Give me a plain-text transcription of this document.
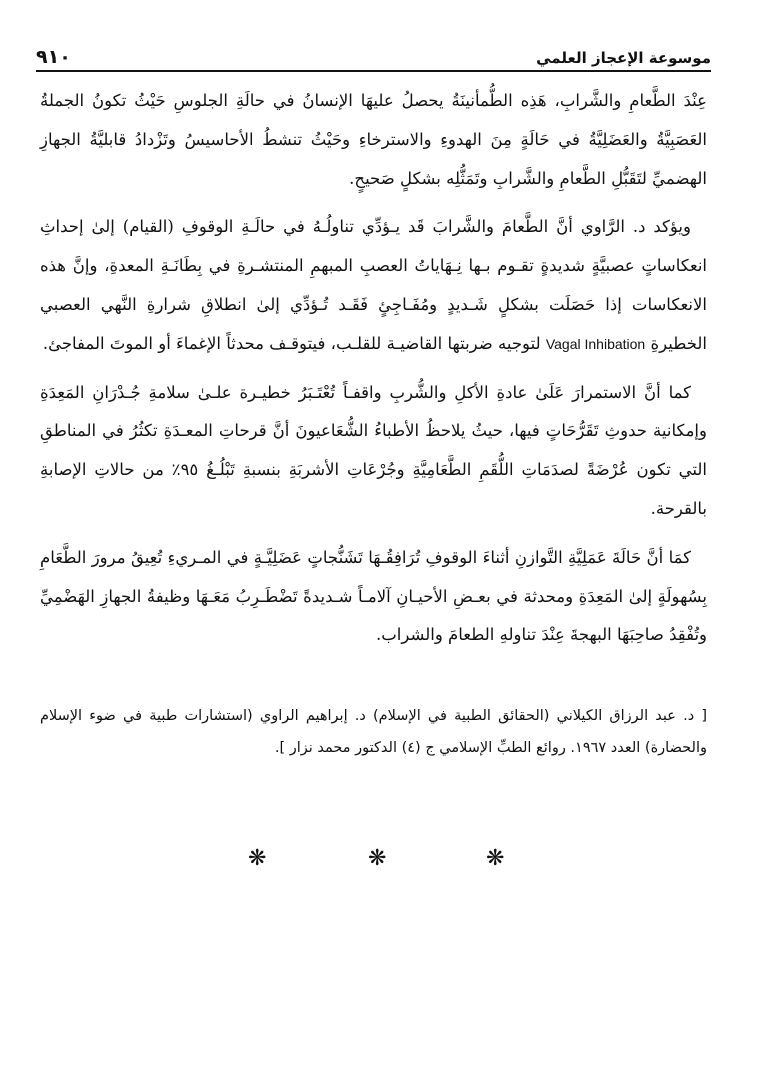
موسوعة الإعجاز العلمي
٩١٠

عِنْدَ الطَّعامِ والشَّرابِ، هَذِه الطُّمأنينَةُ يحصلُ عليهَا الإنسانُ في حالَةِ الجلوسِ حَيْثُ تكونُ الجملةُ العَصَبِيَّةُ والعَضَلِيَّةُ في حَالَةٍ مِنَ الهدوءِ والاسترخاءِ وحَيْثُ تنشطُ الأحاسيسُ وتَزْدادُ قابليَّةُ الجهازِ الهضميِّ لتَقَبُّلِ الطَّعامِ والشَّرابِ وتَمَثُّلِه بشكلٍ صَحيحٍ.

ويؤكد د. الرَّاوي أنَّ الطَّعامَ والشَّرابَ قَد يـؤدِّي تناولُـهُ في حالَـةِ الوقوفِ (القيام) إلىٰ إحداثِ انعكاساتٍ عصبيَّةٍ شديدةٍ تقـوم بـها نِـهَاياتُ العصبِ المبهمِ المنتشـرةِ في بِطَانَـةِ المعدةِ، وإنَّ هذه الانعكاسات إذا حَصَلَت بشكلٍ شَـديدٍ ومُفَـاجِئٍ فَقَـد تُـؤدِّي إلىٰ انطلاقِ شرارةِ النَّهي العصبي الخطيرةِ Vagal Inhibation لتوجيه ضربتها القاضيـة للقلـب، فيتوقـف محدثاً الإغماءَ أو الموتَ المفاجئ.

كما أنَّ الاستمرارَ عَلَىٰ عادةِ الأكلِ والشُّربِ واقفـاً تُعْتَـبَرُ خطيـرة علـىٰ سلامةِ جُـدْرَانِ المَعِدَةِ وإمكانية حدوثِ تَقَرُّحَاتٍ فيها، حيثُ يلاحظُ الأطباءُ الشُّعَاعيونَ أنَّ قرحاتِ المعـدَةِ تكثُرُ في المناطقِ التي تكون عُرْضَةً لصدَمَاتِ اللُّقَمِ الطَّعَامِيَّةِ وجُرْعَاتِ الأشربَةِ بنسبةِ تَبْلُـغُ ٩٥٪ من حالاتِ الإصابةِ بالقرحة.

كمَا أنَّ حَالَةَ عَمَلِيَّةِ التَّوازنِ أثناءَ الوقوفِ تُرَافِقُـهَا تَشَنُّجاتٍ عَضَلِيَّـةٍ في المـريءِ تُعِيقُ مرورَ الطَّعَامِ بِسُهولَةٍ إلىٰ المَعِدَةِ ومحدثة في بعـضِ الأحيـانِ آلامـاً شـديدةً تَضْطَـرِبُ مَعَـهَا وظيفةُ الجهازِ الهَضْمِيِّ وتُفْقِدُ صاحِبَهَا البهجةَ عِنْدَ تناولهِ الطعامَ والشراب.

[ د. عبد الرزاق الكيلاني (الحقائق الطبية في الإسلام) د. إبراهيم الراوي (استشارات طبية في ضوء الإسلام والحضارة) العدد ١٩٦٧. روائع الطبِّ الإسلامي ج (٤) الدكتور محمد نزار ].
❋	❋	❋
